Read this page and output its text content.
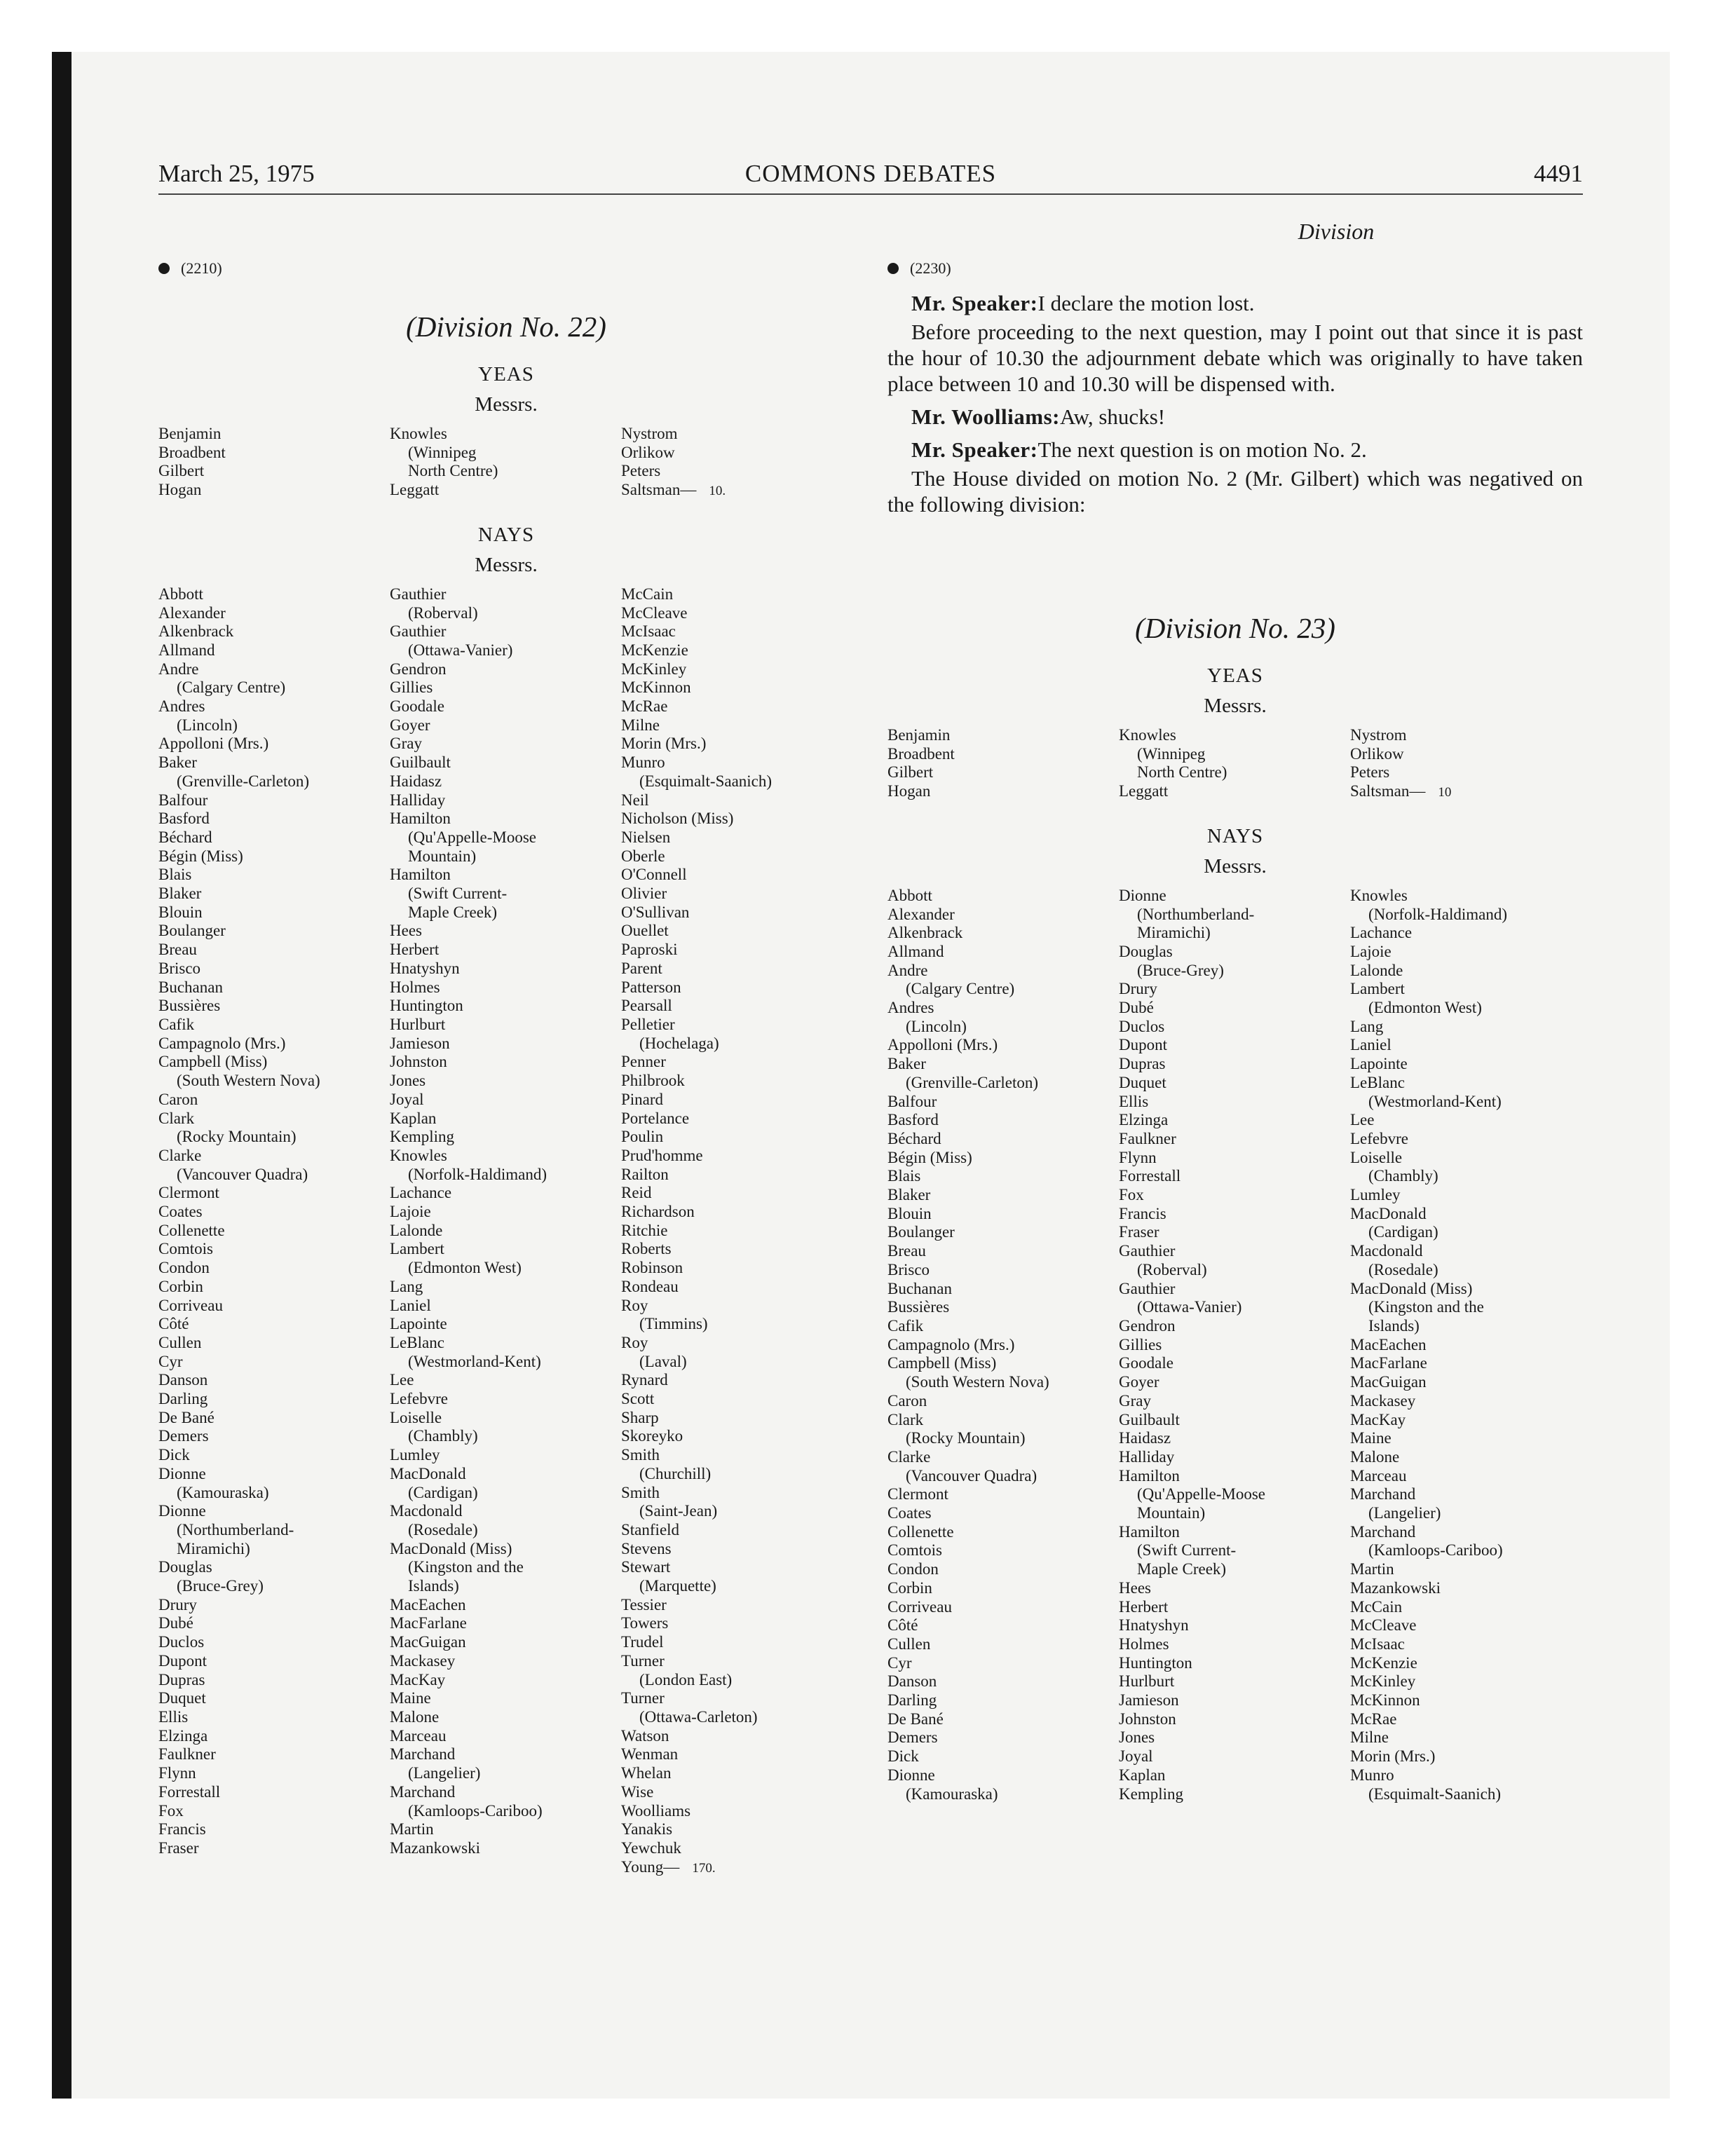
March 25, 1975	COMMONS DEBATES	4491
Division
(2210)
(Division No. 22)
YEAS
Messrs.
Benjamin
Broadbent
Gilbert
Hogan
Knowles
(Winnipeg
North Centre)
Leggatt
Nystrom
Orlikow
Peters
Saltsman— 10.
NAYS
Messrs.
Abbott
Alexander
Alkenbrack
Allmand
Andre
(Calgary Centre)
Andres
(Lincoln)
Appolloni (Mrs.)
Baker
(Grenville-Carleton)
Balfour
Basford
Béchard
Bégin (Miss)
Blais
Blaker
Blouin
Boulanger
Breau
Brisco
Buchanan
Bussières
Cafik
Campagnolo (Mrs.)
Campbell (Miss)
(South Western Nova)
Caron
Clark
(Rocky Mountain)
Clarke
(Vancouver Quadra)
Clermont
Coates
Collenette
Comtois
Condon
Corbin
Corriveau
Côté
Cullen
Cyr
Danson
Darling
De Bané
Demers
Dick
Dionne
(Kamouraska)
Dionne
(Northumberland-
Miramichi)
Douglas
(Bruce-Grey)
Drury
Dubé
Duclos
Dupont
Dupras
Duquet
Ellis
Elzinga
Faulkner
Flynn
Forrestall
Fox
Francis
Fraser
Gauthier
(Roberval)
Gauthier
(Ottawa-Vanier)
Gendron
Gillies
Goodale
Goyer
Gray
Guilbault
Haidasz
Halliday
Hamilton
(Qu'Appelle-Moose
Mountain)
Hamilton
(Swift Current-
Maple Creek)
Hees
Herbert
Hnatyshyn
Holmes
Huntington
Hurlburt
Jamieson
Johnston
Jones
Joyal
Kaplan
Kempling
Knowles
(Norfolk-Haldimand)
Lachance
Lajoie
Lalonde
Lambert
(Edmonton West)
Lang
Laniel
Lapointe
LeBlanc
(Westmorland-Kent)
Lee
Lefebvre
Loiselle
(Chambly)
Lumley
MacDonald
(Cardigan)
Macdonald
(Rosedale)
MacDonald (Miss)
(Kingston and the
Islands)
MacEachen
MacFarlane
MacGuigan
Mackasey
MacKay
Maine
Malone
Marceau
Marchand
(Langelier)
Marchand
(Kamloops-Cariboo)
Martin
Mazankowski
McCain
McCleave
McIsaac
McKenzie
McKinley
McKinnon
McRae
Milne
Morin (Mrs.)
Munro
(Esquimalt-Saanich)
Neil
Nicholson (Miss)
Nielsen
Oberle
O'Connell
Olivier
O'Sullivan
Ouellet
Paproski
Parent
Patterson
Pearsall
Pelletier
(Hochelaga)
Penner
Philbrook
Pinard
Portelance
Poulin
Prud'homme
Railton
Reid
Richardson
Ritchie
Roberts
Robinson
Rondeau
Roy
(Timmins)
Roy
(Laval)
Rynard
Scott
Sharp
Skoreyko
Smith
(Churchill)
Smith
(Saint-Jean)
Stanfield
Stevens
Stewart
(Marquette)
Tessier
Towers
Trudel
Turner
(London East)
Turner
(Ottawa-Carleton)
Watson
Wenman
Whelan
Wise
Woolliams
Yanakis
Yewchuk
Young— 170.
(2230)

Mr. Speaker:I declare the motion lost.

Before proceeding to the next question, may I point out that since it is past the hour of 10.30 the adjournment debate which was originally to have taken place between 10 and 10.30 will be dispensed with.

Mr. Woolliams:Aw, shucks!

Mr. Speaker:The next question is on motion No. 2.

The House divided on motion No. 2 (Mr. Gilbert) which was negatived on the following division:

(Division No. 23)
YEAS
Messrs.
Benjamin
Broadbent
Gilbert
Hogan
Knowles
(Winnipeg
North Centre)
Leggatt
Nystrom
Orlikow
Peters
Saltsman— 10
NAYS
Messrs.
Abbott
Alexander
Alkenbrack
Allmand
Andre
(Calgary Centre)
Andres
(Lincoln)
Appolloni (Mrs.)
Baker
(Grenville-Carleton)
Balfour
Basford
Béchard
Bégin (Miss)
Blais
Blaker
Blouin
Boulanger
Breau
Brisco
Buchanan
Bussières
Cafik
Campagnolo (Mrs.)
Campbell (Miss)
(South Western Nova)
Caron
Clark
(Rocky Mountain)
Clarke
(Vancouver Quadra)
Clermont
Coates
Collenette
Comtois
Condon
Corbin
Corriveau
Côté
Cullen
Cyr
Danson
Darling
De Bané
Demers
Dick
Dionne
(Kamouraska)
Dionne
(Northumberland-
Miramichi)
Douglas
(Bruce-Grey)
Drury
Dubé
Duclos
Dupont
Dupras
Duquet
Ellis
Elzinga
Faulkner
Flynn
Forrestall
Fox
Francis
Fraser
Gauthier
(Roberval)
Gauthier
(Ottawa-Vanier)
Gendron
Gillies
Goodale
Goyer
Gray
Guilbault
Haidasz
Halliday
Hamilton
(Qu'Appelle-Moose
Mountain)
Hamilton
(Swift Current-
Maple Creek)
Hees
Herbert
Hnatyshyn
Holmes
Huntington
Hurlburt
Jamieson
Johnston
Jones
Joyal
Kaplan
Kempling
Knowles
(Norfolk-Haldimand)
Lachance
Lajoie
Lalonde
Lambert
(Edmonton West)
Lang
Laniel
Lapointe
LeBlanc
(Westmorland-Kent)
Lee
Lefebvre
Loiselle
(Chambly)
Lumley
MacDonald
(Cardigan)
Macdonald
(Rosedale)
MacDonald (Miss)
(Kingston and the
Islands)
MacEachen
MacFarlane
MacGuigan
Mackasey
MacKay
Maine
Malone
Marceau
Marchand
(Langelier)
Marchand
(Kamloops-Cariboo)
Martin
Mazankowski
McCain
McCleave
McIsaac
McKenzie
McKinley
McKinnon
McRae
Milne
Morin (Mrs.)
Munro
(Esquimalt-Saanich)
